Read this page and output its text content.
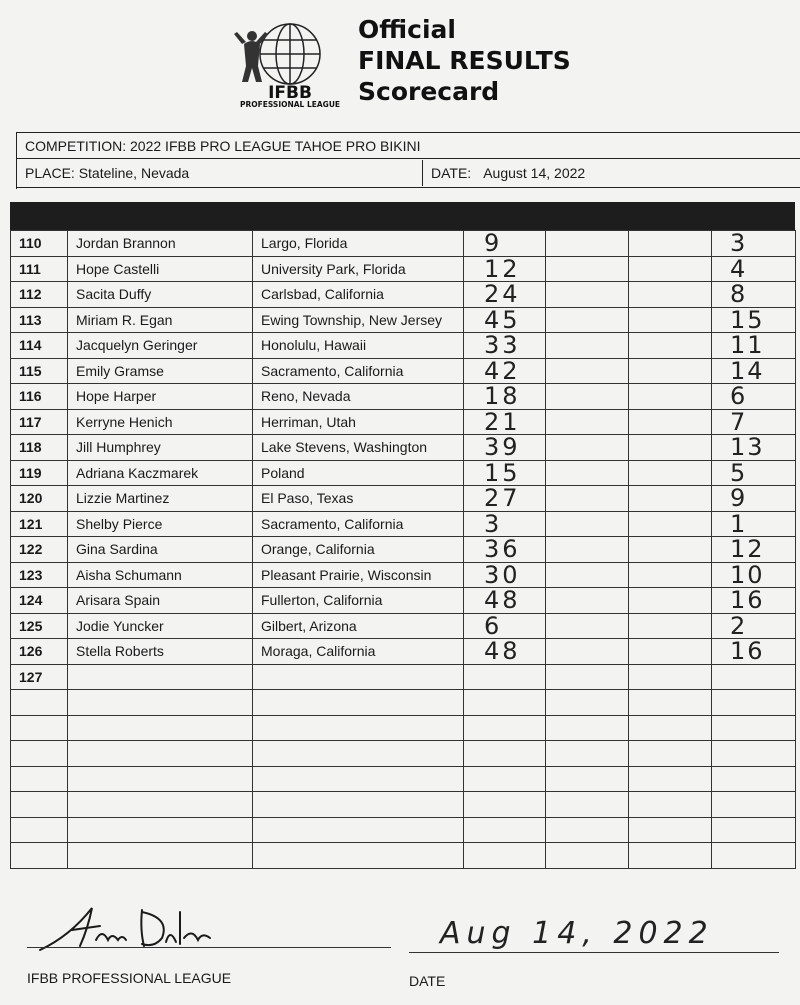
IFBB
PROFESSIONAL LEAGUE
Official
FINAL RESULTS
Scorecard
COMPETITION:
2022 IFBB PRO LEAGUE TAHOE PRO BIKINI
PLACE:
Stateline, Nevada	DATE: August 14, 2022
110	Jordan Brannon	Largo, Florida	9			3
111	Hope Castelli	University Park, Florida	12			4
112	Sacita Duffy	Carlsbad, California	24			8
113	Miriam R. Egan	Ewing Township, New Jersey	45			15
114	Jacquelyn Geringer	Honolulu, Hawaii	33			11
115	Emily Gramse	Sacramento, California	42			14
116	Hope Harper	Reno, Nevada	18			6
117	Kerryne Henich	Herriman, Utah	21			7
118	Jill Humphrey	Lake Stevens, Washington	39			13
119	Adriana Kaczmarek	Poland	15			5
120	Lizzie Martinez	El Paso, Texas	27			9
121	Shelby Pierce	Sacramento, California	3			1
122	Gina Sardina	Orange, California	36			12
123	Aisha Schumann	Pleasant Prairie, Wisconsin	30			10
124	Arisara Spain	Fullerton, California	48			16
125	Jodie Yuncker	Gilbert, Arizona	6			2
126	Stella Roberts	Moraga, California	48			16
127						

Aug 14, 2022
IFBB PROFESSIONAL LEAGUE	DATE
